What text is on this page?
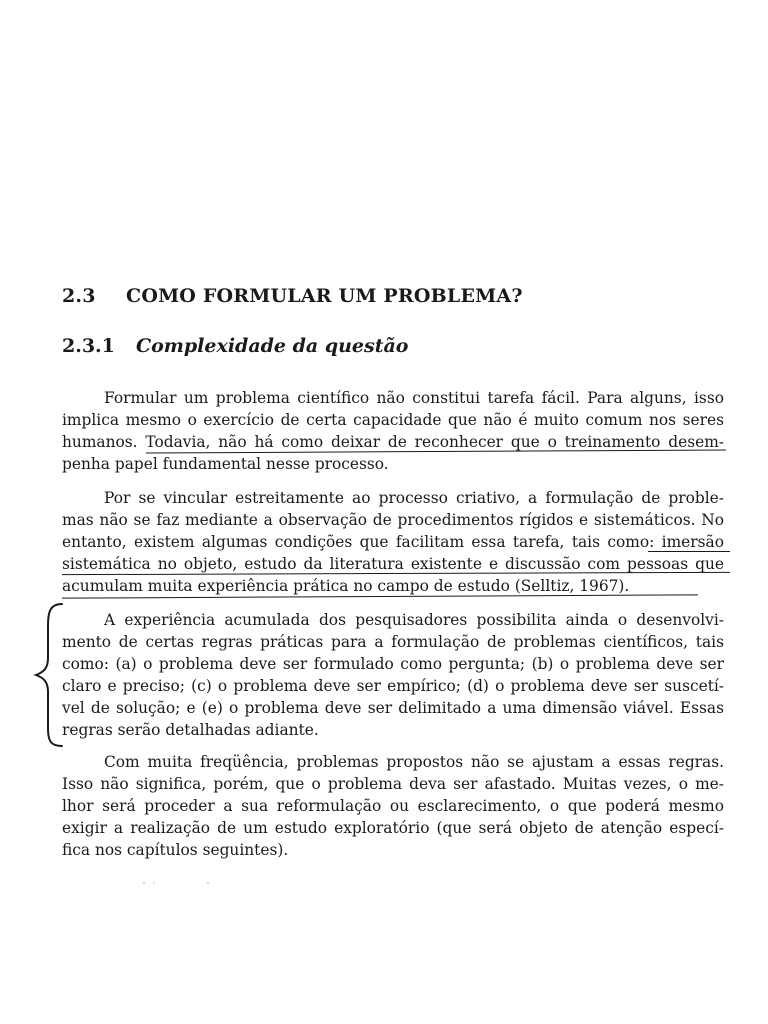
2.3 COMO FORMULAR UM PROBLEMA?
2.3.1 Complexidade da questão
Formular um problema científico não constitui tarefa fácil. Para alguns, isso
implica mesmo o exercício de certa capacidade que não é muito comum nos seres
humanos. Todavia, não há como deixar de reconhecer que o treinamento desem-
penha papel fundamental nesse processo.
Por se vincular estreitamente ao processo criativo, a formulação de proble-
mas não se faz mediante a observação de procedimentos rígidos e sistemáticos. No
entanto, existem algumas condições que facilitam essa tarefa, tais como: imersão
sistemática no objeto, estudo da literatura existente e discussão com pessoas que
acumulam muita experiência prática no campo de estudo (Selltiz, 1967).
A experiência acumulada dos pesquisadores possibilita ainda o desenvolvi-
mento de certas regras práticas para a formulação de problemas científicos, tais
como: (a) o problema deve ser formulado como pergunta; (b) o problema deve ser
claro e preciso; (c) o problema deve ser empírico; (d) o problema deve ser suscetí-
vel de solução; e (e) o problema deve ser delimitado a uma dimensão viável. Essas
regras serão detalhadas adiante.
Com muita freqüência, problemas propostos não se ajustam a essas regras.
Isso não significa, porém, que o problema deva ser afastado. Muitas vezes, o me-
lhor será proceder a sua reformulação ou esclarecimento, o que poderá mesmo
exigir a realização de um estudo exploratório (que será objeto de atenção especí-
fica nos capítulos seguintes).
